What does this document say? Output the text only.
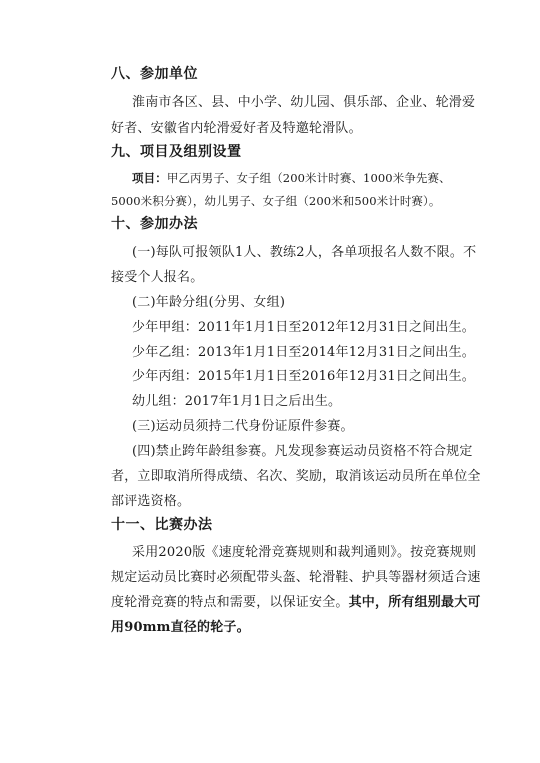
八、参加单位
淮南市各区、县、中小学、幼儿园、俱乐部、企业、轮滑爱
好者、安徽省内轮滑爱好者及特邀轮滑队。
九、项目及组别设置
项目：甲乙丙男子、女子组（200米计时赛、1000米争先赛、
5000米积分赛），幼儿男子、女子组（200米和500米计时赛）。
十、参加办法
(一)每队可报领队1人、教练2人，各单项报名人数不限。不
接受个人报名。
(二)年龄分组(分男、女组)
少年甲组：2011年1月1日至2012年12月31日之间出生。
少年乙组：2013年1月1日至2014年12月31日之间出生。
少年丙组：2015年1月1日至2016年12月31日之间出生。
幼儿组：2017年1月1日之后出生。
(三)运动员须持二代身份证原件参赛。
(四)禁止跨年龄组参赛。凡发现参赛运动员资格不符合规定
者，立即取消所得成绩、名次、奖励，取消该运动员所在单位全
部评选资格。
十一、比赛办法
采用2020版《速度轮滑竞赛规则和裁判通则》。按竞赛规则
规定运动员比赛时必须配带头盔、轮滑鞋、护具等器材须适合速
度轮滑竞赛的特点和需要，以保证安全。其中，所有组别最大可
用90mm直径的轮子。
